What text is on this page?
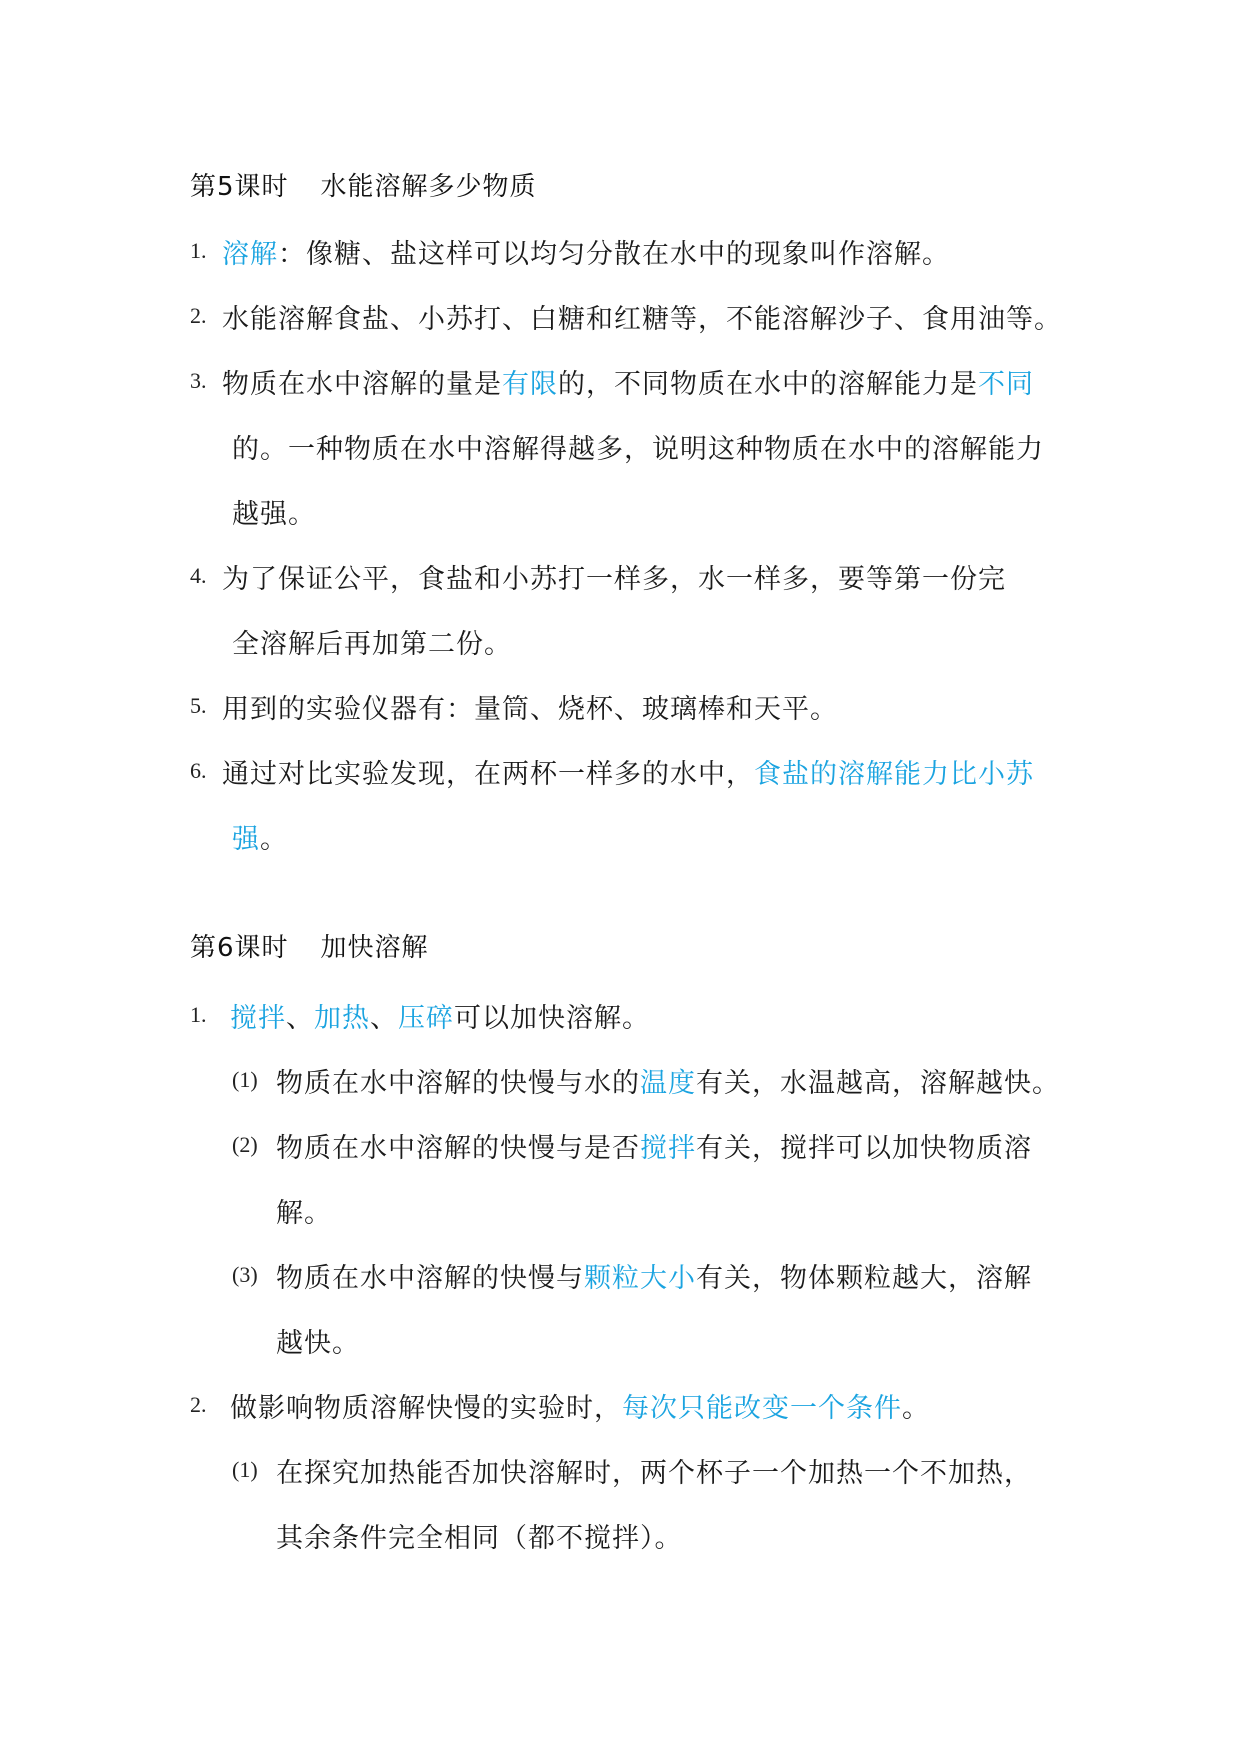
第5课时 水能溶解多少物质
1. 溶解：像糖、盐这样可以均匀分散在水中的现象叫作溶解。
2. 水能溶解食盐、小苏打、白糖和红糖等，不能溶解沙子、食用油等。
3. 物质在水中溶解的量是有限的，不同物质在水中的溶解能力是不同
的。一种物质在水中溶解得越多，说明这种物质在水中的溶解能力
越强。
4. 为了保证公平，食盐和小苏打一样多，水一样多，要等第一份完
全溶解后再加第二份。
5. 用到的实验仪器有：量筒、烧杯、玻璃棒和天平。
6. 通过对比实验发现，在两杯一样多的水中，食盐的溶解能力比小苏
强。
第6课时 加快溶解
1. 搅拌、加热、压碎可以加快溶解。
(1) 物质在水中溶解的快慢与水的温度有关，水温越高，溶解越快。
(2) 物质在水中溶解的快慢与是否搅拌有关，搅拌可以加快物质溶
解。
(3) 物质在水中溶解的快慢与颗粒大小有关，物体颗粒越大，溶解
越快。
2. 做影响物质溶解快慢的实验时，每次只能改变一个条件。
(1) 在探究加热能否加快溶解时，两个杯子一个加热一个不加热，
其余条件完全相同（都不搅拌）。
